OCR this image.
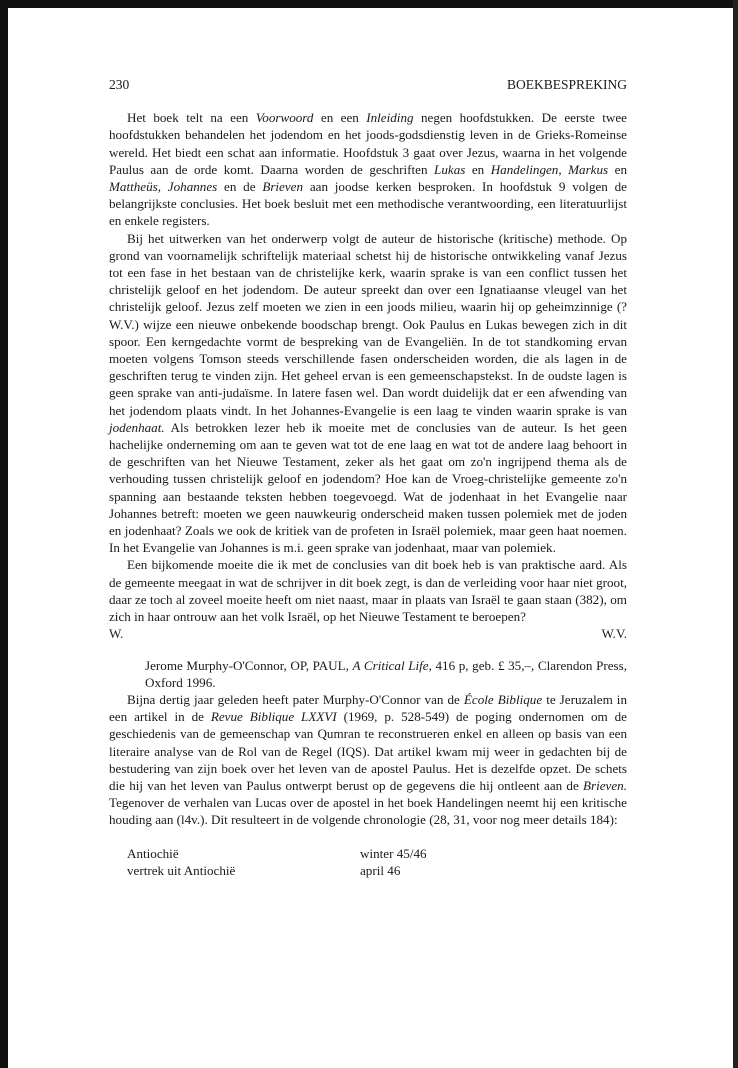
230	BOEKBESPREKING

Het boek telt na een Voorwoord en een Inleiding negen hoofdstukken. De eerste twee hoofdstukken behandelen het jodendom en het joods-godsdienstig leven in de Grieks-Romeinse wereld. Het biedt een schat aan informatie. Hoofdstuk 3 gaat over Jezus, waarna in het volgende Paulus aan de orde komt. Daarna worden de geschriften Lukas en Handelingen, Markus en Mattheüs, Johannes en de Brieven aan joodse kerken besproken. In hoofdstuk 9 volgen de belangrijkste conclusies. Het boek besluit met een methodische verantwoording, een literatuurlijst en enkele registers.

Bij het uitwerken van het onderwerp volgt de auteur de historische (kritische) methode. Op grond van voornamelijk schriftelijk materiaal schetst hij de historische ontwikkeling vanaf Jezus tot een fase in het bestaan van de christelijke kerk, waarin sprake is van een conflict tussen het christelijk geloof en het jodendom. De auteur spreekt dan over een Ignatiaanse vleugel van het christelijk geloof. Jezus zelf moeten we zien in een joods milieu, waarin hij op geheimzinnige (?W.V.) wijze een nieuwe onbekende boodschap brengt. Ook Paulus en Lukas bewegen zich in dit spoor. Een kerngedachte vormt de bespreking van de Evangeliën. In de tot standkoming ervan moeten volgens Tomson steeds verschillende fasen onderscheiden worden, die als lagen in de geschriften terug te vinden zijn. Het geheel ervan is een gemeenschapstekst. In de oudste lagen is geen sprake van anti-judaïsme. In latere fasen wel. Dan wordt duidelijk dat er een afwending van het jodendom plaats vindt. In het Johannes-Evangelie is een laag te vinden waarin sprake is van jodenhaat. Als betrokken lezer heb ik moeite met de conclusies van de auteur. Is het geen hachelijke onderneming om aan te geven wat tot de ene laag en wat tot de andere laag behoort in de geschriften van het Nieuwe Testament, zeker als het gaat om zo'n ingrijpend thema als de verhouding tussen christelijk geloof en jodendom? Hoe kan de Vroeg-christelijke gemeente zo'n spanning aan bestaande teksten hebben toegevoegd. Wat de jodenhaat in het Evangelie naar Johannes betreft: moeten we geen nauwkeurig onderscheid maken tussen polemiek met de joden en jodenhaat? Zoals we ook de kritiek van de profeten in Israël polemiek, maar geen haat noemen. In het Evangelie van Johannes is m.i. geen sprake van jodenhaat, maar van polemiek.

Een bijkomende moeite die ik met de conclusies van dit boek heb is van praktische aard. Als de gemeente meegaat in wat de schrijver in dit boek zegt, is dan de verleiding voor haar niet groot, daar ze toch al zoveel moeite heeft om niet naast, maar in plaats van Israël te gaan staan (382), om zich in haar ontrouw aan het volk Israël, op het Nieuwe Testament te beroepen?

W.	W.V.

Jerome Murphy-O'Connor, OP, PAUL, A Critical Life, 416 p, geb. £ 35,–, Clarendon Press, Oxford 1996.

Bijna dertig jaar geleden heeft pater Murphy-O'Connor van de École Biblique te Jeruzalem in een artikel in de Revue Biblique LXXVI (1969, p. 528-549) de poging ondernomen om de geschiedenis van de gemeenschap van Qumran te reconstrueren enkel en alleen op basis van een literaire analyse van de Rol van de Regel (IQS). Dat artikel kwam mij weer in gedachten bij de bestudering van zijn boek over het leven van de apostel Paulus. Het is dezelfde opzet. De schets die hij van het leven van Paulus ontwerpt berust op de gegevens die hij ontleent aan de Brieven. Tegenover de verhalen van Lucas over de apostel in het boek Handelingen neemt hij een kritische houding aan (l4v.). Dit resulteert in de volgende chronologie (28, 31, voor nog meer details 184):

Antiochië	winter 45/46
vertrek uit Antiochië	april 46
